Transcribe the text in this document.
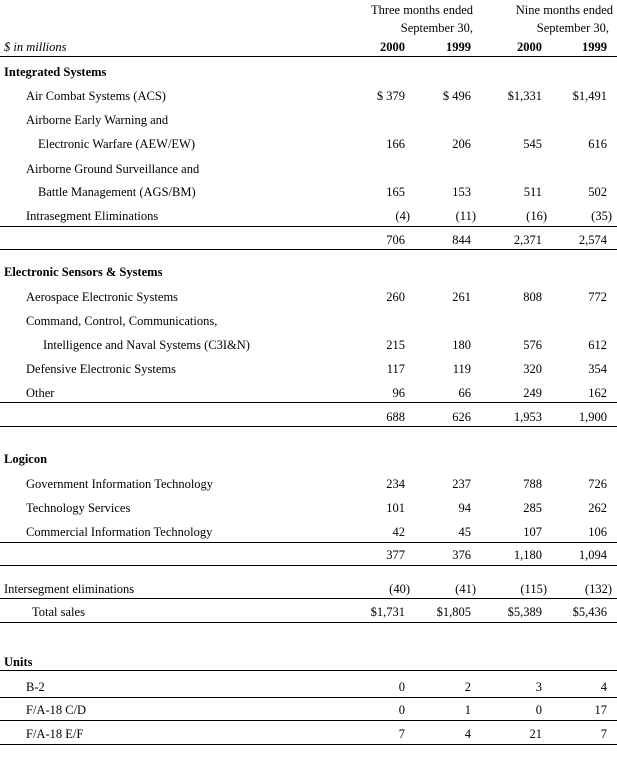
Three months ended
September 30,
Nine months ended
September 30,
$ in millions	2000	1999	2000	1999
Integrated Systems
Air Combat Systems (ACS)	$ 379	$ 496	$1,331 $1,491
Airborne Early Warning and
Electronic Warfare (AEW/EW)	166	206	545	616
Airborne Ground Surveillance and
Battle Management (AGS/BM)	165	153	511	502
Intrasegment Eliminations	(4)	(11)	(16)	(35)
706	844	2,371	2,574
Electronic Sensors & Systems
Aerospace Electronic Systems	260	261	808	772
Command, Control, Communications,
Intelligence and Naval Systems (C3I&N)	215	180	576	612
Defensive Electronic Systems	117	119	320	354
Other	96	66	249	162
688	626	1,953	1,900
Logicon
Government Information Technology	234	237	788	726
Technology Services	101	94	285	262
Commercial Information Technology	42	45	107	106
377	376	1,180	1,094
Intersegment eliminations	(40)	(41)	(115)	(132)
Total sales	$1,731	$1,805	$5,389 $5,436
Units
B-2	0	2	3	4
F/A-18 C/D	0	1	0	17
F/A-18 E/F	7	4	21	7
